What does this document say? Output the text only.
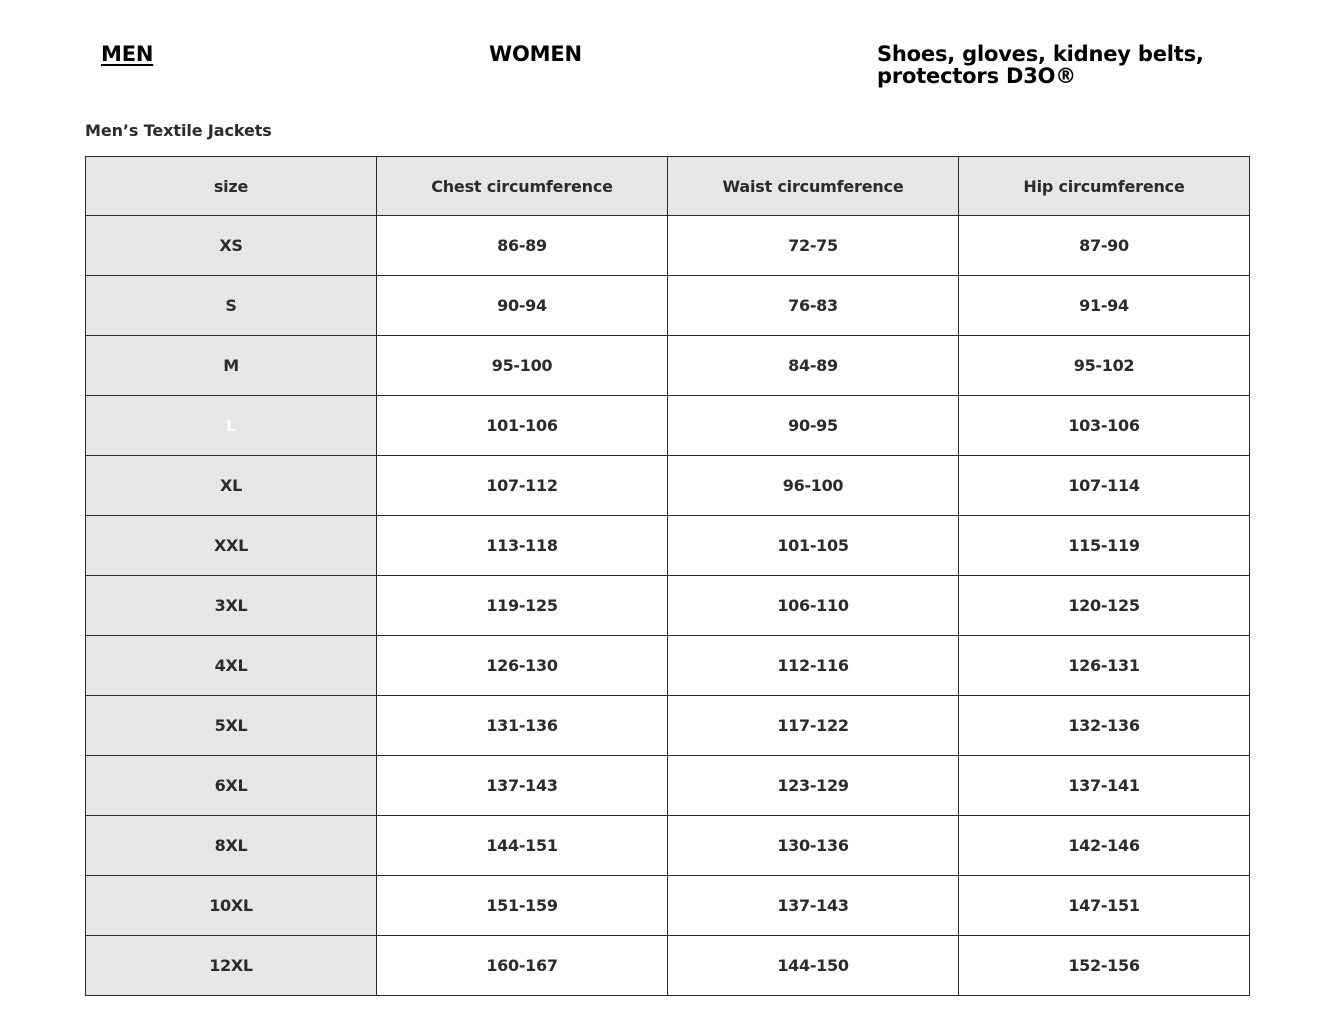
MEN	WOMEN	Shoes, gloves, kidney belts,
protectors D3O®
Men’s Textile Jackets
size	Chest circumference	Waist circumference	Hip circumference
XS	86-89	72-75	87-90
S	90-94	76-83	91-94
M	95-100	84-89	95-102
L	101-106	90-95	103-106
XL	107-112	96-100	107-114
XXL	113-118	101-105	115-119
3XL	119-125	106-110	120-125
4XL	126-130	112-116	126-131
5XL	131-136	117-122	132-136
6XL	137-143	123-129	137-141
8XL	144-151	130-136	142-146
10XL	151-159	137-143	147-151
12XL	160-167	144-150	152-156
